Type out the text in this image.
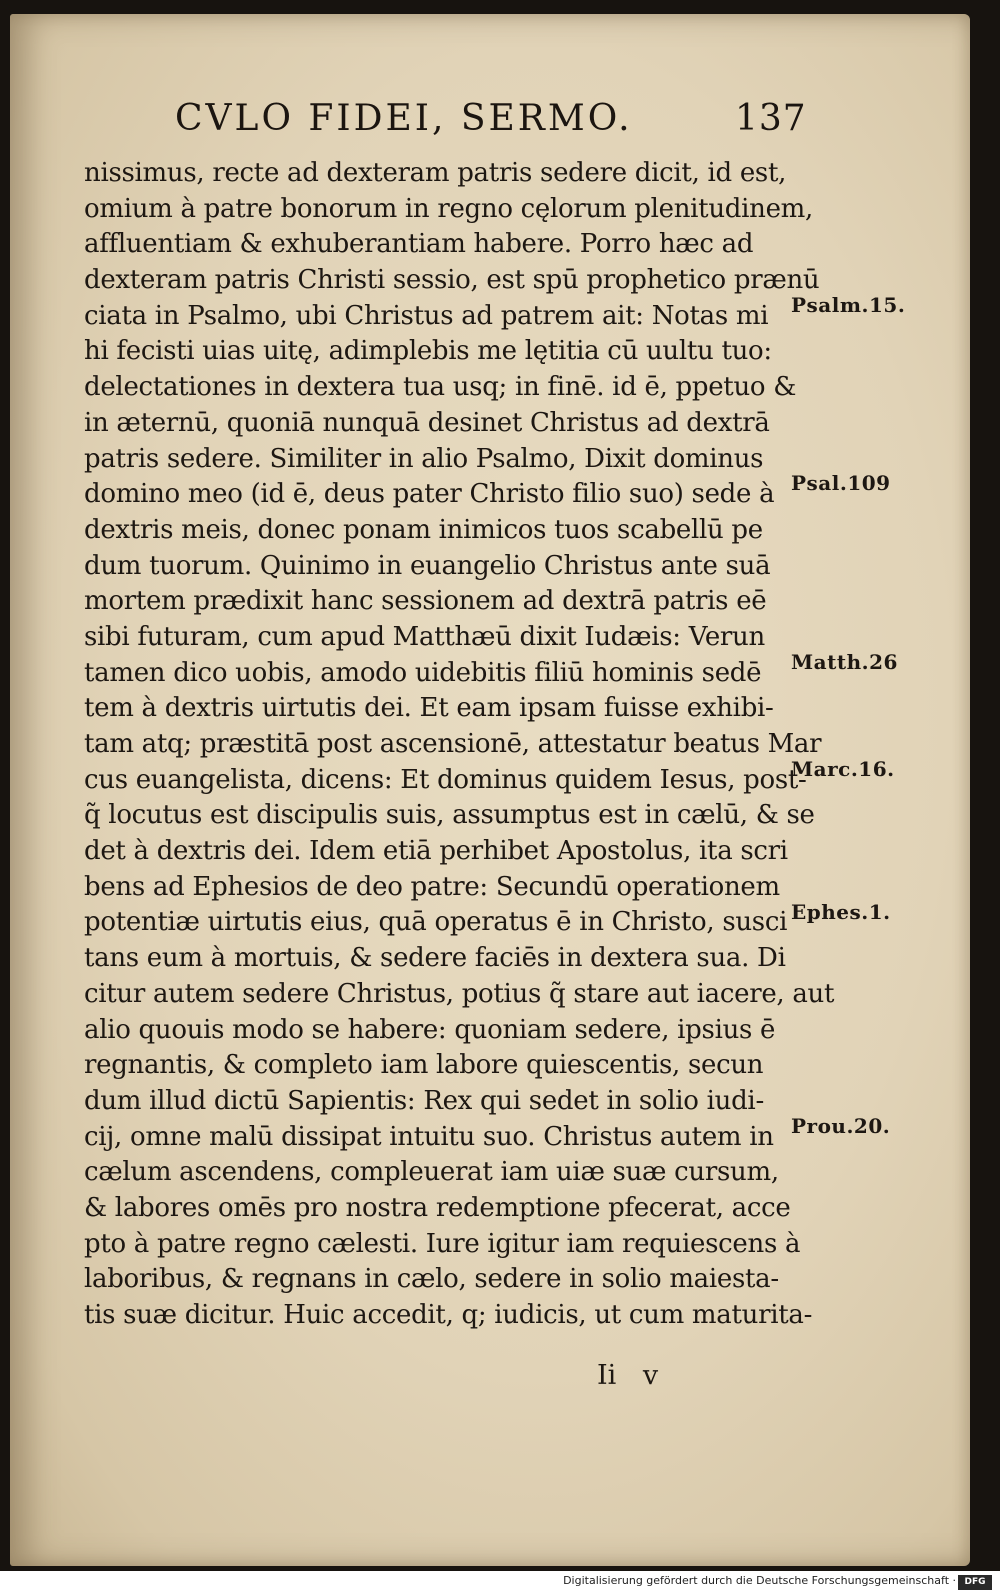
CVLO FIDEI, SERMO.	137
nissimus, recte ad dexteram patris sedere dicit, id est,
omium à patre bonorum in regno cęlorum plenitudinem,
affluentiam & exhuberantiam habere. Porro hæc ad
dexteram patris Christi sessio, est spū prophetico prænū
ciata in Psalmo, ubi Christus ad patrem ait: Notas mi
hi fecisti uias uitę, adimplebis me lętitia cū uultu tuo:
delectationes in dextera tua usq; in finē. id ē, ppetuo &
in æternū, quoniā nunquā desinet Christus ad dextrā
patris sedere. Similiter in alio Psalmo, Dixit dominus
domino meo (id ē, deus pater Christo filio suo) sede à
dextris meis, donec ponam inimicos tuos scabellū pe
dum tuorum. Quinimo in euangelio Christus ante suā
mortem prædixit hanc sessionem ad dextrā patris eē
sibi futuram, cum apud Matthæū dixit Iudæis: Verun
tamen dico uobis, amodo uidebitis filiū hominis sedē
tem à dextris uirtutis dei. Et eam ipsam fuisse exhibi-
tam atq; præstitā post ascensionē, attestatur beatus Mar
cus euangelista, dicens: Et dominus quidem Iesus, post-
q̃ locutus est discipulis suis, assumptus est in cælū, & se
det à dextris dei. Idem etiā perhibet Apostolus, ita scri
bens ad Ephesios de deo patre: Secundū operationem
potentiæ uirtutis eius, quā operatus ē in Christo, susci
tans eum à mortuis, & sedere faciēs in dextera sua. Di
citur autem sedere Christus, potius q̃ stare aut iacere, aut
alio quouis modo se habere: quoniam sedere, ipsius ē
regnantis, & completo iam labore quiescentis, secun
dum illud dictū Sapientis: Rex qui sedet in solio iudi-
cij, omne malū dissipat intuitu suo. Christus autem in
cælum ascendens, compleuerat iam uiæ suæ cursum,
& labores omēs pro nostra redemptione pfecerat, acce
pto à patre regno cælesti. Iure igitur iam requiescens à
laboribus, & regnans in cælo, sedere in solio maiesta-
tis suæ dicitur. Huic accedit, q; iudicis, ut cum maturita-
Psalm.15.
Psal.109
Matth.26
Marc.16.
Ephes.1.
Prou.20.
Ii v
Digitalisierung gefördert durch die Deutsche Forschungsgemeinschaft · DFG
